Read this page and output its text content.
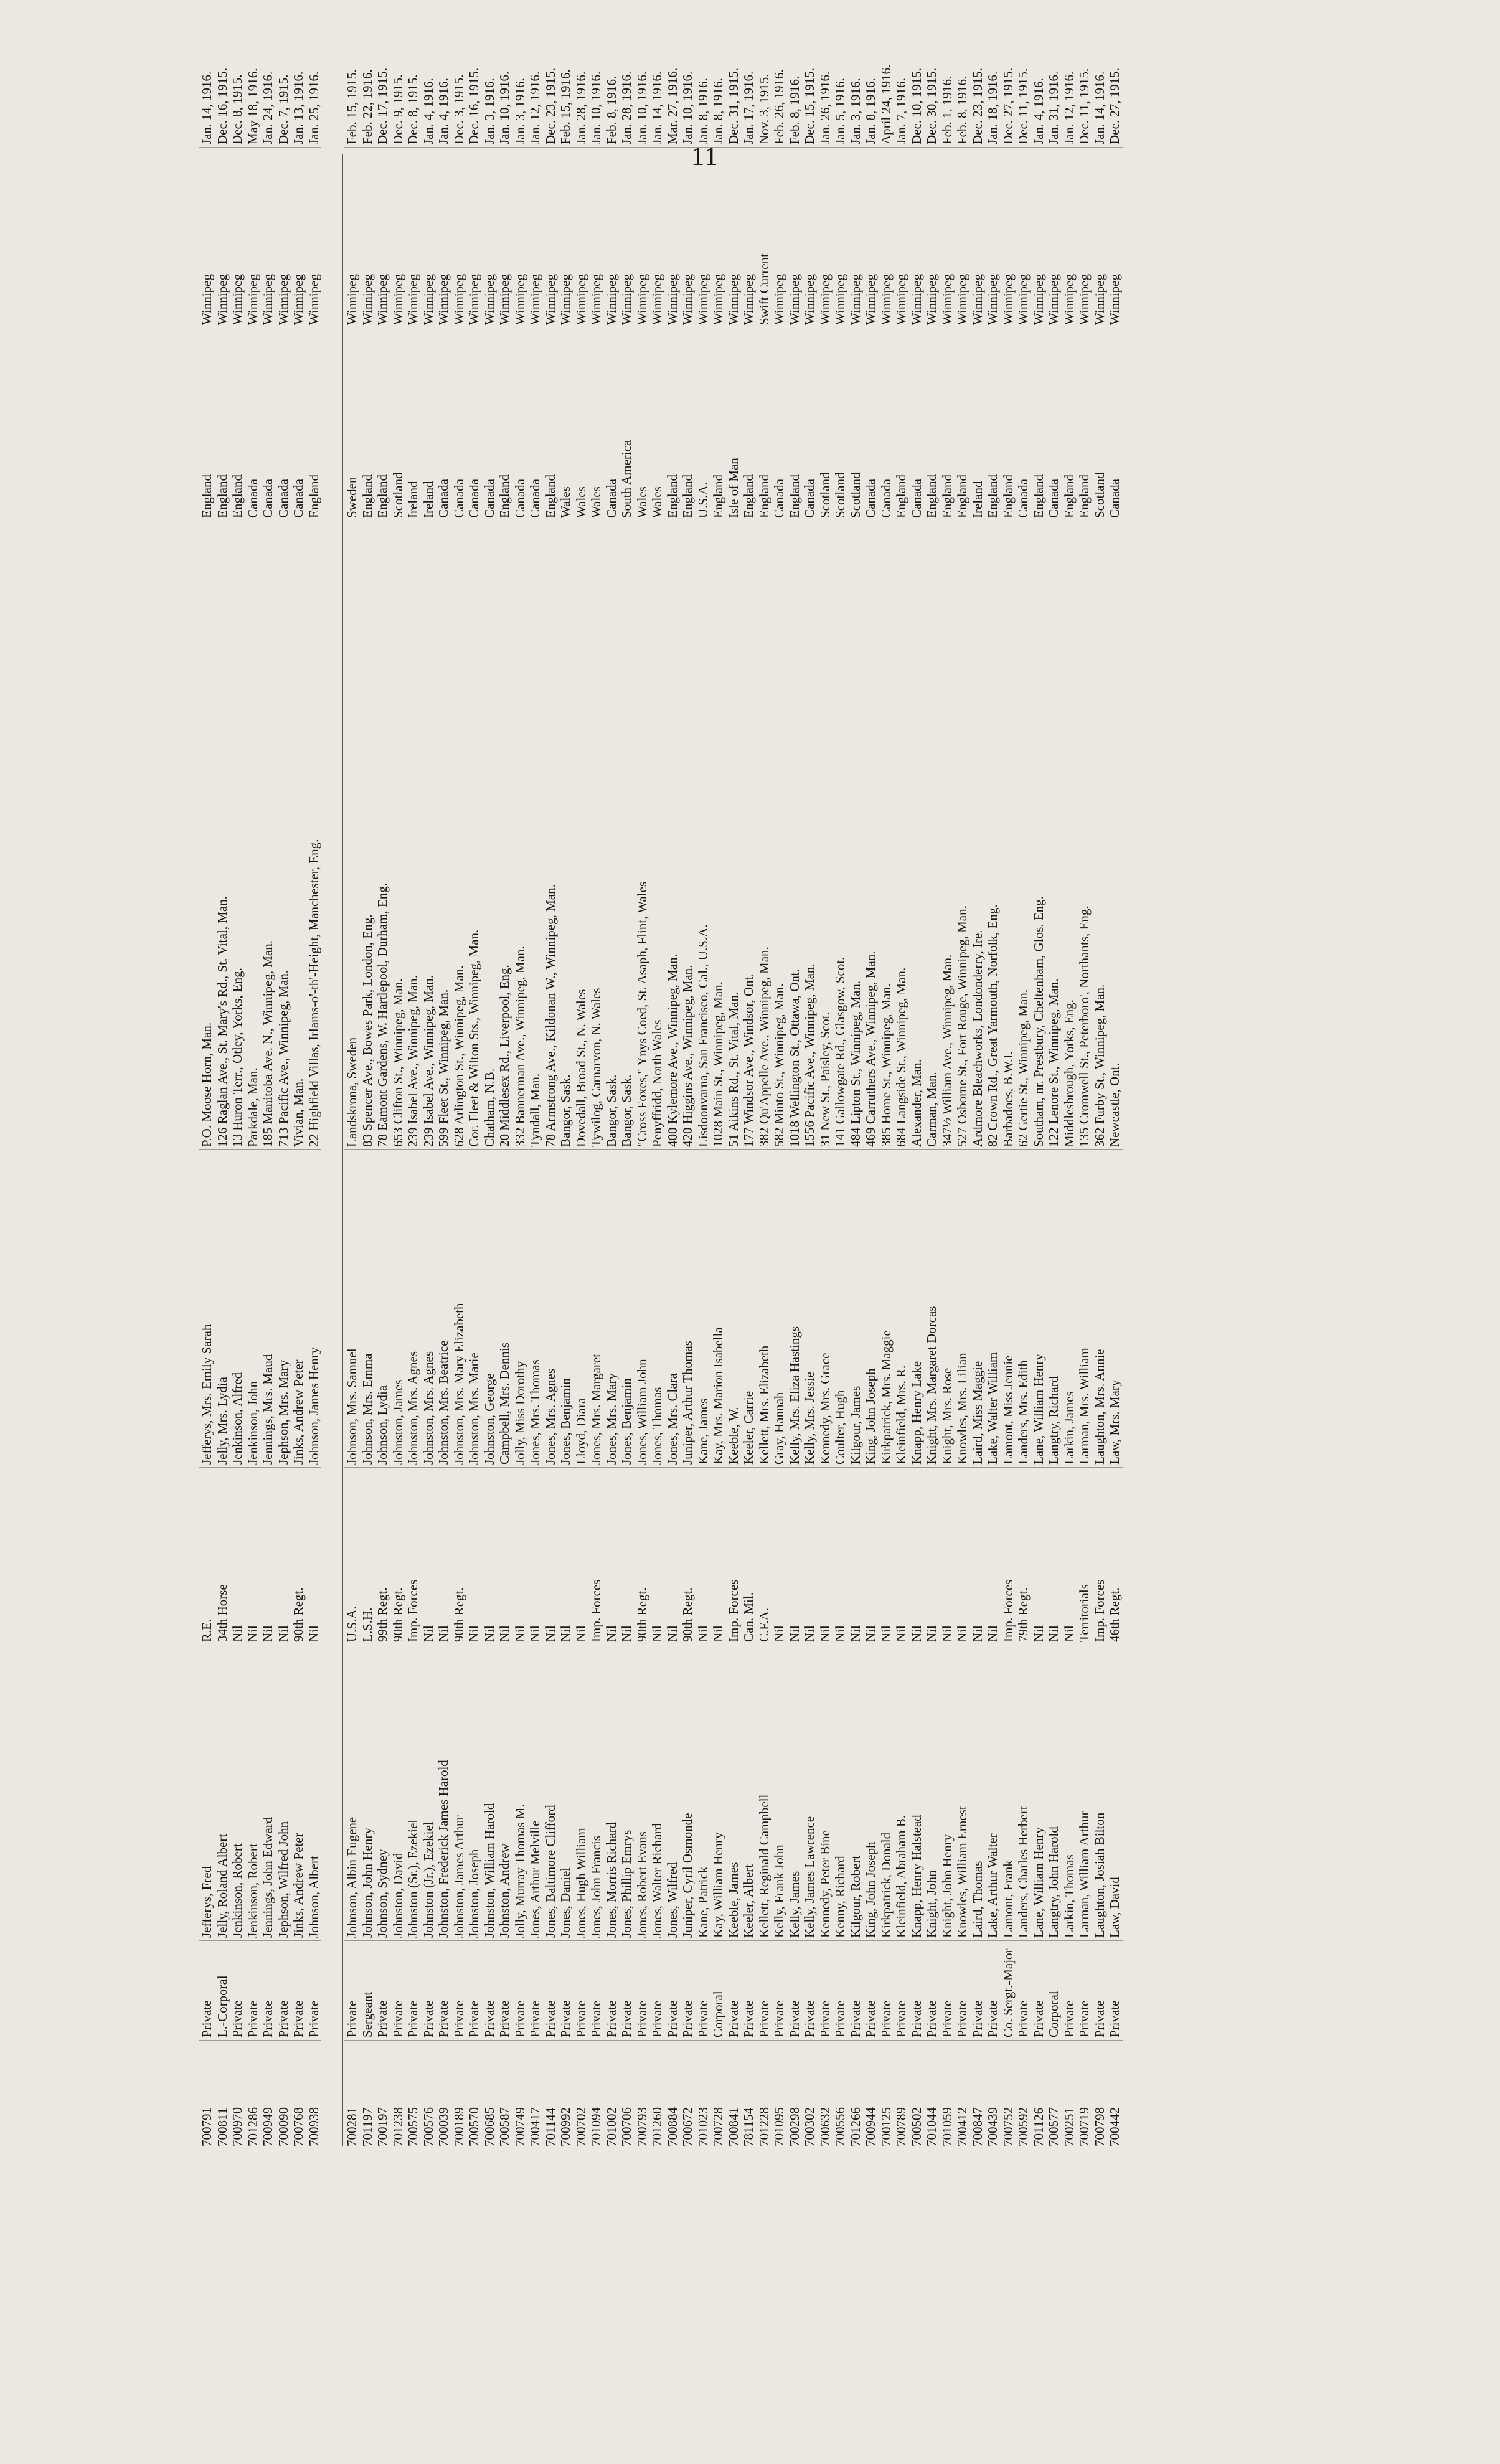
11
700791
Private
Jefferys, Fred
R.E.
Jefferys, Mrs. Emily Sarah
P.O. Moose Horn, Man.
England
Winnipeg
Jan. 14, 1916.
700811
L.-Corporal
Jelly, Roland Albert
34th Horse
Jelly, Mrs. Lydia
126 Raglan Ave., St. Mary's Rd., St. Vital, Man.
England
Winnipeg
Dec. 16, 1915.
700970
Private
Jenkinson, Robert
Nil
Jenkinson, Alfred
13 Huron Terr., Otley, Yorks, Eng.
England
Winnipeg
Dec. 8, 1915.
701286
Private
Jenkinson, Robert
Nil
Jenkinson, John
Parkdale, Man.
Canada
Winnipeg
May 18, 1916.
700949
Private
Jennings, John Edward
Nil
Jennings, Mrs. Maud
185 Manitoba Ave. N., Winnipeg, Man.
Canada
Winnipeg
Jan. 24, 1916.
700090
Private
Jephson, Wilfred John
Nil
Jephson, Mrs. Mary
713 Pacific Ave., Winnipeg, Man.
Canada
Winnipeg
Dec. 7, 1915.
700768
Private
Jinks, Andrew Peter
90th Regt.
Jinks, Andrew Peter
Vivian, Man.
Canada
Winnipeg
Jan. 13, 1916.
700938
Private
Johnson, Albert
Nil
Johnson, James Henry
22 Highfield Villas, Irlams-o'-th'-Height, Manchester, Eng.
England
Winnipeg
Jan. 25, 1916.
700281
Private
Johnson, Albin Eugene
U.S.A.
Johnson, Mrs. Samuel
Landskrona, Sweden
Sweden
Winnipeg
Feb. 15, 1915.
701197
Sergeant
Johnson, John Henry
L.S.H.
Johnson, Mrs. Emma
83 Spencer Ave., Bowes Park, London, Eng.
England
Winnipeg
Feb. 22, 1916.
700197
Private
Johnson, Sydney
99th Regt.
Johnson, Lydia
78 Eamont Gardens, W. Hartlepool, Durham, Eng.
England
Winnipeg
Dec. 17, 1915.
701238
Private
Johnston, David
90th Regt.
Johnston, James
653 Clifton St., Winnipeg, Man.
Scotland
Winnipeg
Dec. 9, 1915.
700575
Private
Johnston (Sr.), Ezekiel
Imp. Forces
Johnston, Mrs. Agnes
239 Isabel Ave., Winnipeg, Man.
Ireland
Winnipeg
Dec. 8, 1915.
700576
Private
Johnston (Jr.), Ezekiel
Nil
Johnston, Mrs. Agnes
239 Isabel Ave., Winnipeg, Man.
Ireland
Winnipeg
Jan. 4, 1916.
700039
Private
Johnston, Frederick James Harold
Nil
Johnston, Mrs. Beatrice
599 Fleet St., Winnipeg, Man.
Canada
Winnipeg
Jan. 4, 1916.
700189
Private
Johnston, James Arthur
90th Regt.
Johnston, Mrs. Mary Elizabeth
628 Arlington St., Winnipeg, Man.
Canada
Winnipeg
Dec. 3, 1915.
700570
Private
Johnston, Joseph
Nil
Johnston, Mrs. Marie
Cor. Fleet & Wilton Sts., Winnipeg, Man.
Canada
Winnipeg
Dec. 16, 1915.
700685
Private
Johnston, William Harold
Nil
Johnston, George
Chatham, N.B.
Canada
Winnipeg
Jan. 3, 1916.
700587
Private
Johnston, Andrew
Nil
Campbell, Mrs. Dennis
20 Middlesex Rd., Liverpool, Eng.
England
Winnipeg
Jan. 10, 1916.
700749
Private
Jolly, Murray Thomas M.
Nil
Jolly, Miss Dorothy
332 Bannerman Ave., Winnipeg, Man.
Canada
Winnipeg
Jan. 3, 1916.
700417
Private
Jones, Arthur Melville
Nil
Jones, Mrs. Thomas
Tyndall, Man.
Canada
Winnipeg
Jan. 12, 1916.
701144
Private
Jones, Baltimore Clifford
Nil
Jones, Mrs. Agnes
78 Armstrong Ave., Kildonan W., Winnipeg, Man.
England
Winnipeg
Dec. 23, 1915.
700992
Private
Jones, Daniel
Nil
Jones, Benjamin
Bangor, Sask.
Wales
Winnipeg
Feb. 15, 1916.
700702
Private
Jones, Hugh William
Nil
Lloyd, Diara
Dovedall, Broad St., N. Wales
Wales
Winnipeg
Jan. 28, 1916.
701094
Private
Jones, John Francis
Imp. Forces
Jones, Mrs. Margaret
Tywilog, Carnarvon, N. Wales
Wales
Winnipeg
Jan. 10, 1916.
701002
Private
Jones, Morris Richard
Nil
Jones, Mrs. Mary
Bangor, Sask.
Canada
Winnipeg
Feb. 8, 1916.
700706
Private
Jones, Phillip Emrys
Nil
Jones, Benjamin
Bangor, Sask.
South America
Winnipeg
Jan. 28, 1916.
700793
Private
Jones, Robert Evans
90th Regt.
Jones, William John
"Cross Foxes," Ynys Coed, St. Asaph, Flint, Wales
Wales
Winnipeg
Jan. 10, 1916.
701260
Private
Jones, Walter Richard
Nil
Jones, Thomas
Penyffridd, North Wales
Wales
Winnipeg
Jan. 14, 1916.
700884
Private
Jones, Wilfred
Nil
Jones, Mrs. Clara
400 Kylemore Ave., Winnipeg, Man.
England
Winnipeg
Mar. 27, 1916.
700672
Private
Juniper, Cyril Osmonde
90th Regt.
Juniper, Arthur Thomas
420 Higgins Ave., Winnipeg, Man.
England
Winnipeg
Jan. 10, 1916.
701023
Private
Kane, Patrick
Nil
Kane, James
Lisdoonvarna, San Francisco, Cal., U.S.A.
U.S.A.
Winnipeg
Jan. 8, 1916.
700728
Corporal
Kay, William Henry
Nil
Kay, Mrs. Marion Isabella
1028 Main St., Winnipeg, Man.
England
Winnipeg
Jan. 8, 1916.
700841
Private
Keeble, James
Imp. Forces
Keeble, W.
51 Aikins Rd., St. Vital, Man.
Isle of Man
Winnipeg
Dec. 31, 1915.
781154
Private
Keeler, Albert
Can. Mil.
Keeler, Carrie
177 Windsor Ave., Windsor, Ont.
England
Winnipeg
Jan. 17, 1916.
701228
Private
Kellett, Reginald Campbell
C.F.A.
Kellett, Mrs. Elizabeth
382 Qu'Appelle Ave., Winnipeg, Man.
England
Swift Current
Nov. 3, 1915.
701095
Private
Kelly, Frank John
Nil
Gray, Hannah
582 Minto St., Winnipeg, Man.
Canada
Winnipeg
Feb. 26, 1916.
700298
Private
Kelly, James
Nil
Kelly, Mrs. Eliza Hastings
1018 Wellington St., Ottawa, Ont.
England
Winnipeg
Feb. 8, 1916.
700302
Private
Kelly, James Lawrence
Nil
Kelly, Mrs. Jessie
1556 Pacific Ave., Winnipeg, Man.
Canada
Winnipeg
Dec. 15, 1915.
700632
Private
Kennedy, Peter Bine
Nil
Kennedy, Mrs. Grace
31 New St., Paisley, Scot.
Scotland
Winnipeg
Jan. 26, 1916.
700556
Private
Kenny, Richard
Nil
Coulter, Hugh
141 Gallowgate Rd., Glasgow, Scot.
Scotland
Winnipeg
Jan. 5, 1916.
701266
Private
Kilgour, Robert
Nil
Kilgour, James
484 Lipton St., Winnipeg, Man.
Scotland
Winnipeg
Jan. 3, 1916.
700944
Private
King, John Joseph
Nil
King, John Joseph
469 Carruthers Ave., Winnipeg, Man.
Canada
Winnipeg
Jan. 8, 1916.
700125
Private
Kirkpatrick, Donald
Nil
Kirkpatrick, Mrs. Maggie
385 Home St., Winnipeg, Man.
Canada
Winnipeg
April 24, 1916.
700789
Private
Kleinfield, Abraham B.
Nil
Kleinfield, Mrs. R.
684 Langside St., Winnipeg, Man.
England
Winnipeg
Jan. 7, 1916.
700502
Private
Knapp, Henry Halstead
Nil
Knapp, Henry Lake
Alexander, Man.
Canada
Winnipeg
Dec. 10, 1915.
701044
Private
Knight, John
Nil
Knight, Mrs. Margaret Dorcas
Carman, Man.
England
Winnipeg
Dec. 30, 1915.
701059
Private
Knight, John Henry
Nil
Knight, Mrs. Rose
347½ William Ave., Winnipeg, Man.
England
Winnipeg
Feb. 1, 1916.
700412
Private
Knowles, William Ernest
Nil
Knowles, Mrs. Lilian
527 Osborne St., Fort Rouge, Winnipeg, Man.
England
Winnipeg
Feb. 8, 1916.
700847
Private
Laird, Thomas
Nil
Laird, Miss Maggie
Ardmore Bleachworks, Londonderry, Ire.
Ireland
Winnipeg
Dec. 23, 1915.
700439
Private
Lake, Arthur Walter
Nil
Lake, Walter William
82 Crown Rd., Great Yarmouth, Norfolk, Eng.
England
Winnipeg
Jan. 18, 1916.
700752
Co. Sergt.-Major
Lamont, Frank
Imp. Forces
Lamont, Miss Jennie
Barbadoes, B.W.I.
England
Winnipeg
Dec. 27, 1915.
700592
Private
Landers, Charles Herbert
79th Regt.
Landers, Mrs. Edith
62 Gertie St., Winnipeg, Man.
Canada
Winnipeg
Dec. 11, 1915.
701126
Private
Lane, William Henry
Nil
Lane, William Henry
Southam, nr. Prestbury, Cheltenham, Glos. Eng.
England
Winnipeg
Jan. 4, 1916.
700577
Corporal
Langtry, John Harold
Nil
Langtry, Richard
122 Lenore St., Winnipeg, Man.
Canada
Winnipeg
Jan. 31, 1916.
700251
Private
Larkin, Thomas
Nil
Larkin, James
Middlesbrough, Yorks, Eng.
England
Winnipeg
Jan. 12, 1916.
700719
Private
Larman, William Arthur
Territorials
Larman, Mrs. William
135 Cromwell St., Peterboro', Northants, Eng.
England
Winnipeg
Dec. 11, 1915.
700798
Private
Laughton, Josiah Bilton
Imp. Forces
Laughton, Mrs. Annie
362 Furby St., Winnipeg, Man.
Scotland
Winnipeg
Jan. 14, 1916.
700442
Private
Law, David
46th Regt.
Law, Mrs. Mary
Newcastle, Ont.
Canada
Winnipeg
Dec. 27, 1915.
